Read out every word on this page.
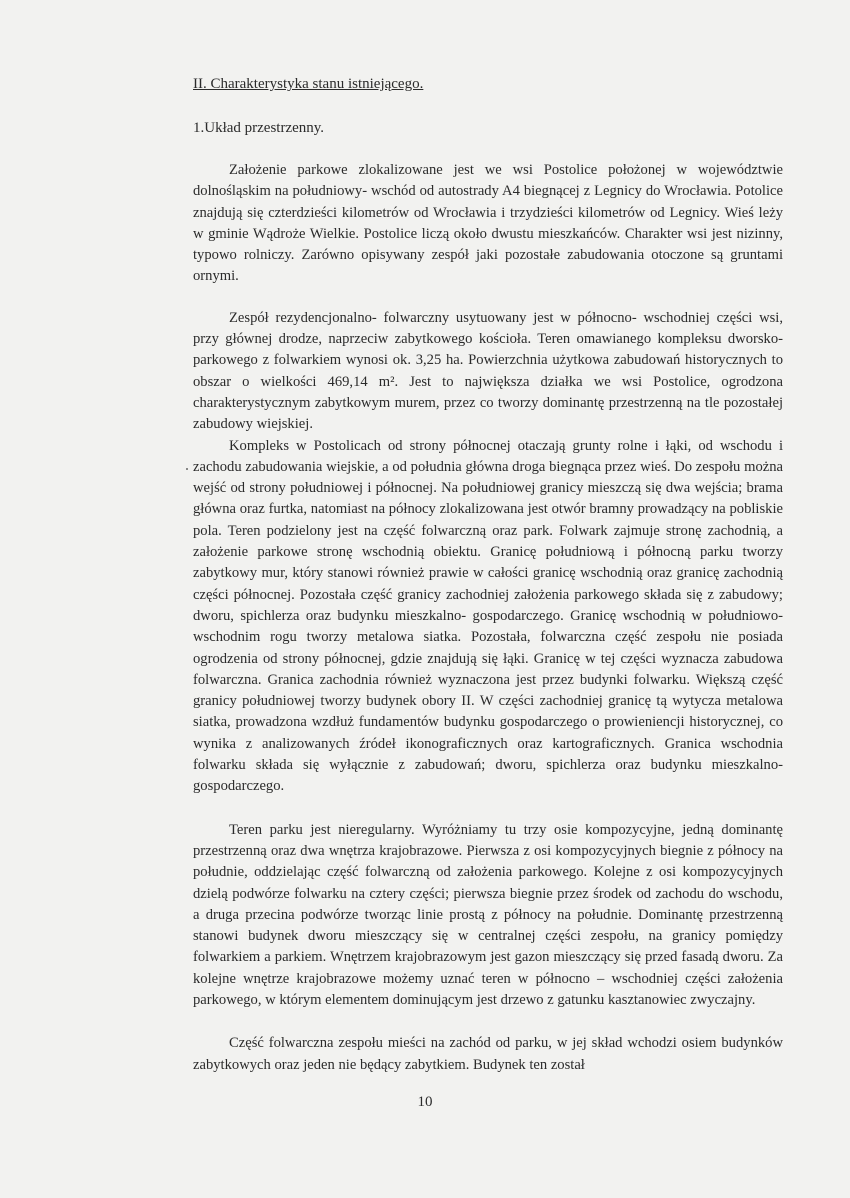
II. Charakterystyka stanu istniejącego.
1.Układ przestrzenny.

Założenie parkowe zlokalizowane jest we wsi Postolice położonej w województwie dolnośląskim na południowy- wschód od autostrady A4 biegnącej z Legnicy do Wrocławia. Potolice znajdują się czterdzieści kilometrów od Wrocławia i trzydzieści kilometrów od Legnicy. Wieś leży w gminie Wądroże Wielkie. Postolice liczą około dwustu mieszkańców. Charakter wsi jest nizinny, typowo rolniczy. Zarówno opisywany zespół jaki pozostałe zabudowania otoczone są gruntami ornymi.

Zespół rezydencjonalno- folwarczny usytuowany jest w północno- wschodniej części wsi, przy głównej drodze, naprzeciw zabytkowego kościoła. Teren omawianego kompleksu dworsko- parkowego z folwarkiem wynosi ok. 3,25 ha. Powierzchnia użytkowa zabudowań historycznych to obszar o wielkości 469,14 m². Jest to największa działka we wsi Postolice, ogrodzona charakterystycznym zabytkowym murem, przez co tworzy dominantę przestrzenną na tle pozostałej zabudowy wiejskiej.

Kompleks w Postolicach od strony północnej otaczają grunty rolne i łąki, od wschodu i zachodu zabudowania wiejskie, a od południa główna droga biegnąca przez wieś. Do zespołu można wejść od strony południowej i północnej. Na południowej granicy mieszczą się dwa wejścia; brama główna oraz furtka, natomiast na północy zlokalizowana jest otwór bramny prowadzący na pobliskie pola. Teren podzielony jest na część folwarczną oraz park. Folwark zajmuje stronę zachodnią, a założenie parkowe stronę wschodnią obiektu. Granicę południową i północną parku tworzy zabytkowy mur, który stanowi również prawie w całości granicę wschodnią oraz granicę zachodnią części północnej. Pozostała część granicy zachodniej założenia parkowego składa się z zabudowy; dworu, spichlerza oraz budynku mieszkalno- gospodarczego. Granicę wschodnią w południowo- wschodnim rogu tworzy metalowa siatka. Pozostała, folwarczna część zespołu nie posiada ogrodzenia od strony północnej, gdzie znajdują się łąki. Granicę w tej części wyznacza zabudowa folwarczna. Granica zachodnia również wyznaczona jest przez budynki folwarku. Większą część granicy południowej tworzy budynek obory II. W części zachodniej granicę tą wytycza metalowa siatka, prowadzona wzdłuż fundamentów budynku gospodarczego o prowieniencji historycznej, co wynika z analizowanych źródeł ikonograficznych oraz kartograficznych. Granica wschodnia folwarku składa się wyłącznie z zabudowań; dworu, spichlerza oraz budynku mieszkalno- gospodarczego.

Teren parku jest nieregularny. Wyróżniamy tu trzy osie kompozycyjne, jedną dominantę przestrzenną oraz dwa wnętrza krajobrazowe. Pierwsza z osi kompozycyjnych biegnie z północy na południe, oddzielając część folwarczną od założenia parkowego. Kolejne z osi kompozycyjnych dzielą podwórze folwarku na cztery części; pierwsza biegnie przez środek od zachodu do wschodu, a druga przecina podwórze tworząc linie prostą z północy na południe. Dominantę przestrzenną stanowi budynek dworu mieszczący się w centralnej części zespołu, na granicy pomiędzy folwarkiem a parkiem. Wnętrzem krajobrazowym jest gazon mieszczący się przed fasadą dworu. Za kolejne wnętrze krajobrazowe możemy uznać teren w północno – wschodniej części założenia parkowego, w którym elementem dominującym jest drzewo z gatunku kasztanowiec zwyczajny.

Część folwarczna zespołu mieści na zachód od parku, w jej skład wchodzi osiem budynków zabytkowych oraz jeden nie będący zabytkiem. Budynek ten został

10
